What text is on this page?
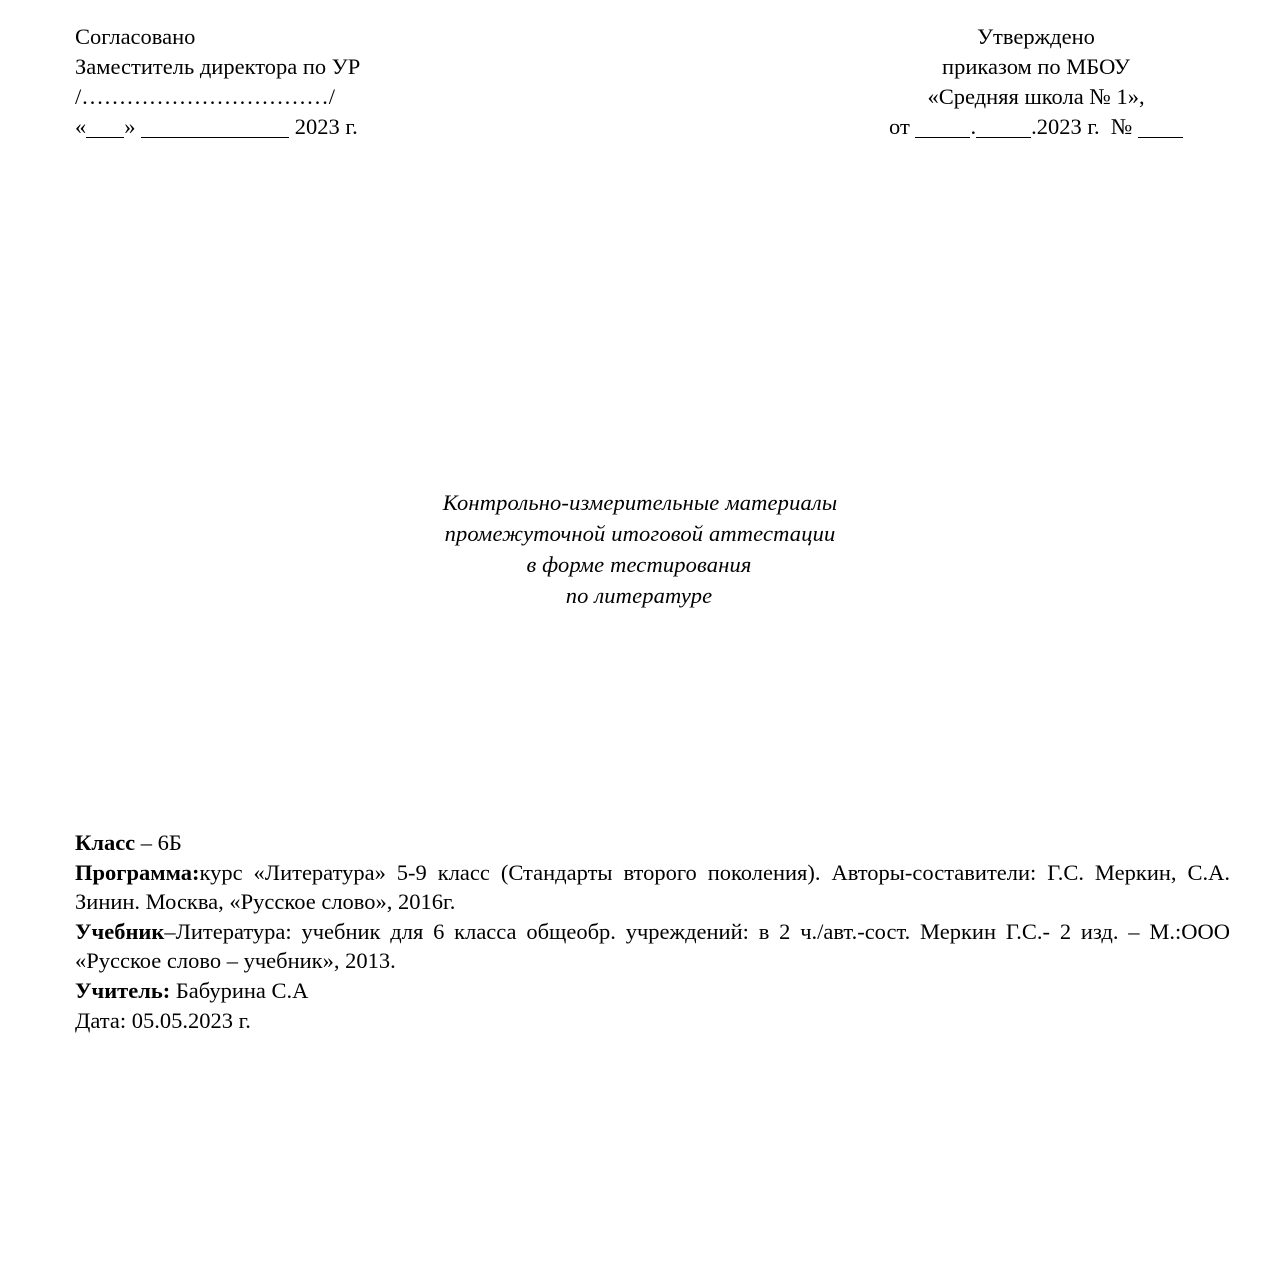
Согласовано
Заместитель директора по УР
/……………………………/
« »	2023 г.
Утверждено
приказом по МБОУ
«Средняя школа № 1»,
от	. .2023 г. №
Контрольно-измерительные материалы
промежуточной итоговой аттестации
в форме тестирования
по литературе

Класс – 6Б

Программа:курс «Литература» 5-9 класс (Стандарты второго поколения). Авторы-составители: Г.С. Меркин, С.А. Зинин. Москва, «Русское слово», 2016г.

Учебник–Литература: учебник для 6 класса общеобр. учреждений: в 2 ч./авт.-сост. Меркин Г.С.- 2 изд. – М.:ООО «Русское слово – учебник», 2013.

Учитель: Бабурина С.А

Дата: 05.05.2023 г.
